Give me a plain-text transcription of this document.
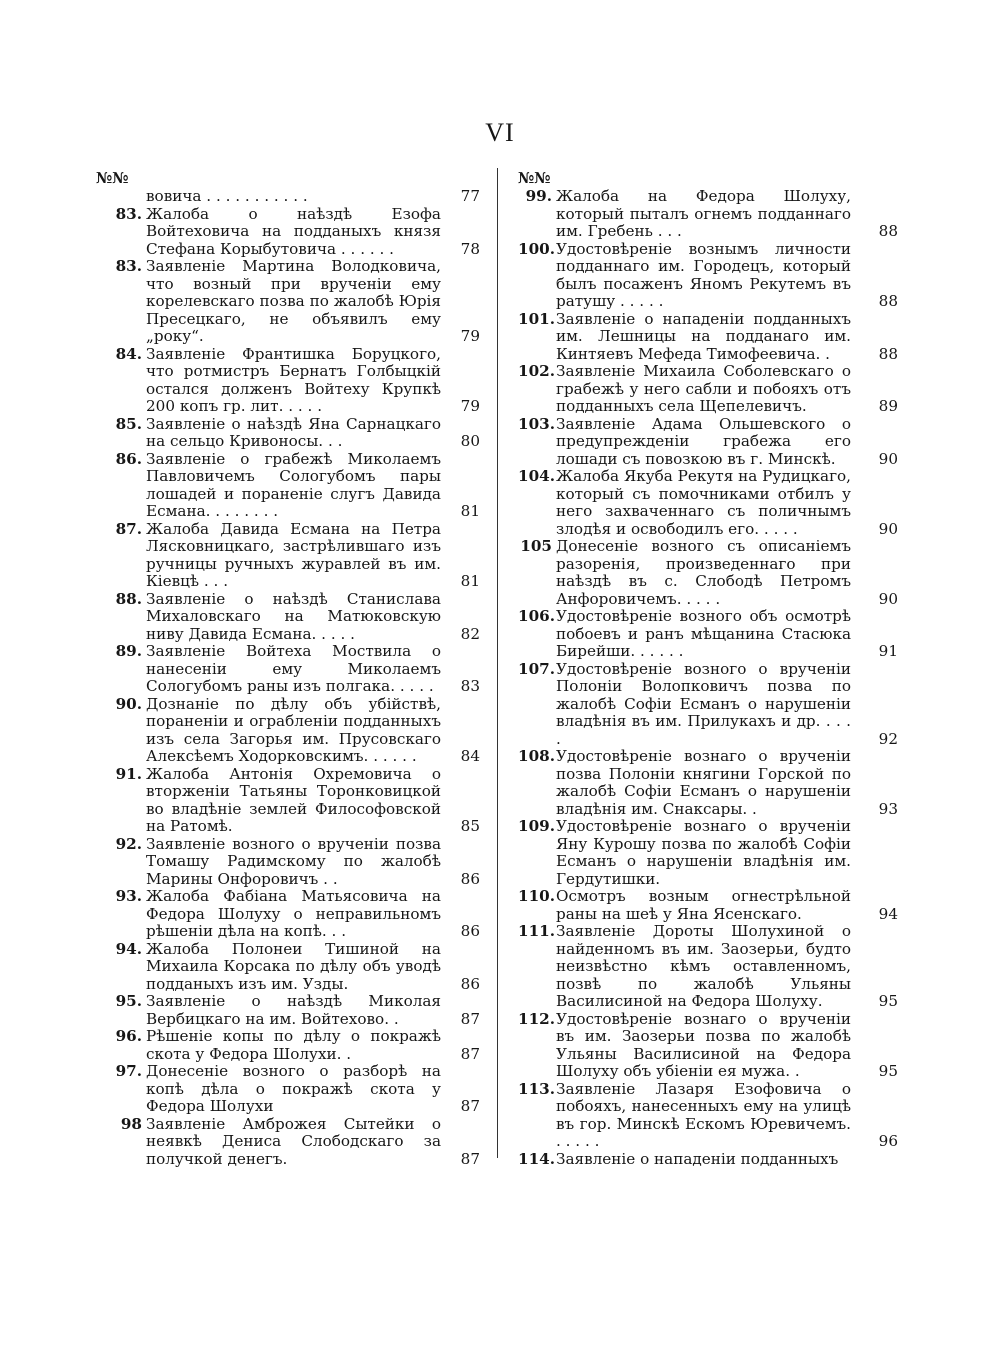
VI
№№
вовича . . . . . . . . . . .	77
83. Жалоба о наѣздѣ Езофа Войтеховича на подданыхъ князя Стефана Корыбутовича . . . . . .	78
83. Заявленіе Мартина Володковича, что возный при врученіи ему корелевскаго позва по жалобѣ Юрія Пресецкаго, не объявилъ ему „року“.	79
84. Заявленіе Франтишка Боруцкого, что ротмистръ Бернатъ Голбыцкій остался долженъ Войтеху Крупкѣ 200 копъ гр. лит. . . . .	79
85. Заявленіе о наѣздѣ Яна Сарнацкаго на сельцо Кривоносы. . .	80
86. Заявленіе о грабежѣ Миколаемъ Павловичемъ Сологубомъ пары лошадей и пораненіе слугъ Давида Есмана. . . . . . . .	81
87. Жалоба Давида Есмана на Петра Лясковницкаго, застрѣлившаго изъ ручницы ручныхъ журавлей въ им. Кіевцѣ . . .	81
88. Заявленіе о наѣздѣ Станислава Михаловскаго на Матюковскую ниву Давида Есмана. . . . .	82
89. Заявленіе Войтеха Моствила о нанесеніи ему Миколаемъ Сологубомъ раны изъ полгака. . . . .	83
90. Дознаніе по дѣлу объ убійствѣ, пораненіи и ограбленіи подданныхъ изъ села Загорья им. Прусовскаго Алексѣемъ Ходорковскимъ. . . . . .	84
91. Жалоба Антонія Охремовича о вторженіи Татьяны Торонковицкой во владѣніе землей Философовской на Ратомѣ.	85
92. Заявленіе возного о врученіи позва Томашу Радимскому по жалобѣ Марины Онфоровичъ . .	86
93. Жалоба Фабіана Матьясовича на Федора Шолуху о неправильномъ рѣшеніи дѣла на копѣ. . .	86
94. Жалоба Полонеи Тишиной на Михаила Корсака по дѣлу объ уводѣ подданыхъ изъ им. Узды.	86
95. Заявленіе о наѣздѣ Миколая Вербицкаго на им. Войтехово. .	87
96. Рѣшеніе копы по дѣлу о покражѣ скота у Федора Шолухи. .	87
97. Донесеніе возного о разборѣ на копѣ дѣла о покражѣ скота у Федора Шолухи	87
98 Заявленіе Амброжея Сытейки о неявкѣ Дениса Слободскаго за получкой денегъ.	87
№№
99. Жалоба на Федора Шолуху, который пыталъ огнемъ подданнаго им. Гребень . . .	88
100. Удостовѣреніе вознымъ личности подданнаго им. Городецъ, который былъ посаженъ Яномъ Рекутемъ въ ратушу . . . . .	88
101. Заявленіе о нападеніи подданныхъ им. Лешницы на подданаго им. Кинтяевъ Мефеда Тимофеевича. .	88
102. Заявленіе Михаила Соболевскаго о грабежѣ у него сабли и побояхъ отъ подданныхъ села Щепелевичъ.	89
103. Заявленіе Адама Ольшевского о предупрежденіи грабежа его лошади съ повозкою въ г. Минскѣ.	90
104. Жалоба Якуба Рекутя на Рудицкаго, который съ помочниками отбилъ у него захваченнаго съ поличнымъ злодѣя и освободилъ его. . . . .	90
105 Донесеніе возного съ описаніемъ разоренія, произведеннаго при наѣздѣ въ с. Слободѣ Петромъ Анфоровичемъ. . . . .	90
106. Удостовѣреніе возного объ осмотрѣ побоевъ и ранъ мѣщанина Стасюка Бирейши. . . . . .	91
107. Удостовѣреніе возного о врученіи Полоніи Волопковичъ позва по жалобѣ Софіи Есманъ о нарушеніи владѣнія въ им. Прилукахъ и др. . . . .	92
108. Удостовѣреніе вознаго о врученіи позва Полоніи княгини Горской по жалобѣ Софіи Есманъ о нарушеніи владѣнія им. Снаксары. .	93
109. Удостовѣреніе вознаго о врученіи Яну Курошу позва по жалобѣ Софіи Есманъ о нарушеніи владѣнія им. Гердутишки.
110. Осмотръ возным огнестрѣльной раны на шеѣ у Яна Ясенскаго.	94
111. Заявленіе Дороты Шолухиной о найденномъ въ им. Заозерьи, будто неизвѣстно кѣмъ оставленномъ, позвѣ по жалобѣ Ульяны Василисиной на Федора Шолуху.	95
112. Удостовѣреніе вознаго о врученіи въ им. Заозерьи позва по жалобѣ Ульяны Василисиной на Федора Шолуху объ убіеніи ея мужа. .	95
113. Заявленіе Лазаря Езофовича о побояхъ, нанесенныхъ ему на улицѣ въ гор. Минскѣ Ескомъ Юревичемъ. . . . . .	96
114. Заявленіе о нападеніи подданныхъ
